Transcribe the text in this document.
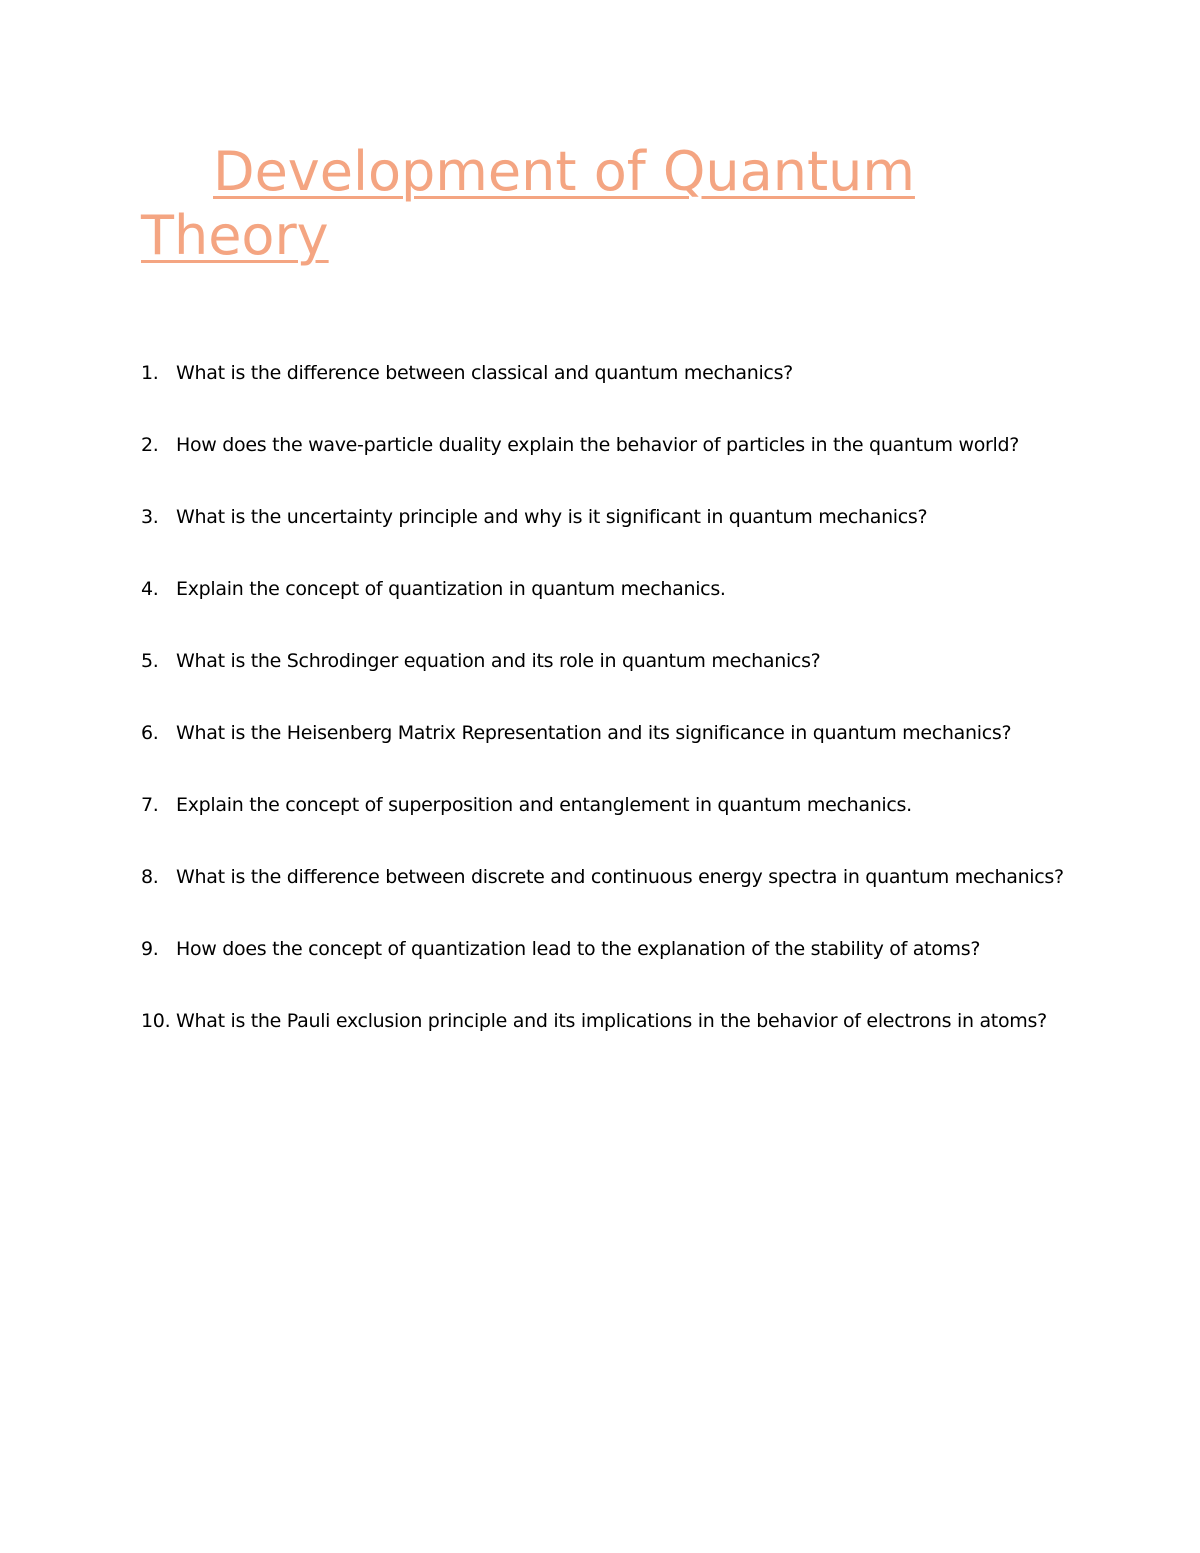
Development of Quantum Theory
1. What is the difference between classical and quantum mechanics?
2. How does the wave-particle duality explain the behavior of particles in the quantum world?
3. What is the uncertainty principle and why is it significant in quantum mechanics?
4. Explain the concept of quantization in quantum mechanics.
5. What is the Schrodinger equation and its role in quantum mechanics?
6. What is the Heisenberg Matrix Representation and its significance in quantum mechanics?
7. Explain the concept of superposition and entanglement in quantum mechanics.
8. What is the difference between discrete and continuous energy spectra in quantum mechanics?
9. How does the concept of quantization lead to the explanation of the stability of atoms?
10. What is the Pauli exclusion principle and its implications in the behavior of electrons in atoms?
